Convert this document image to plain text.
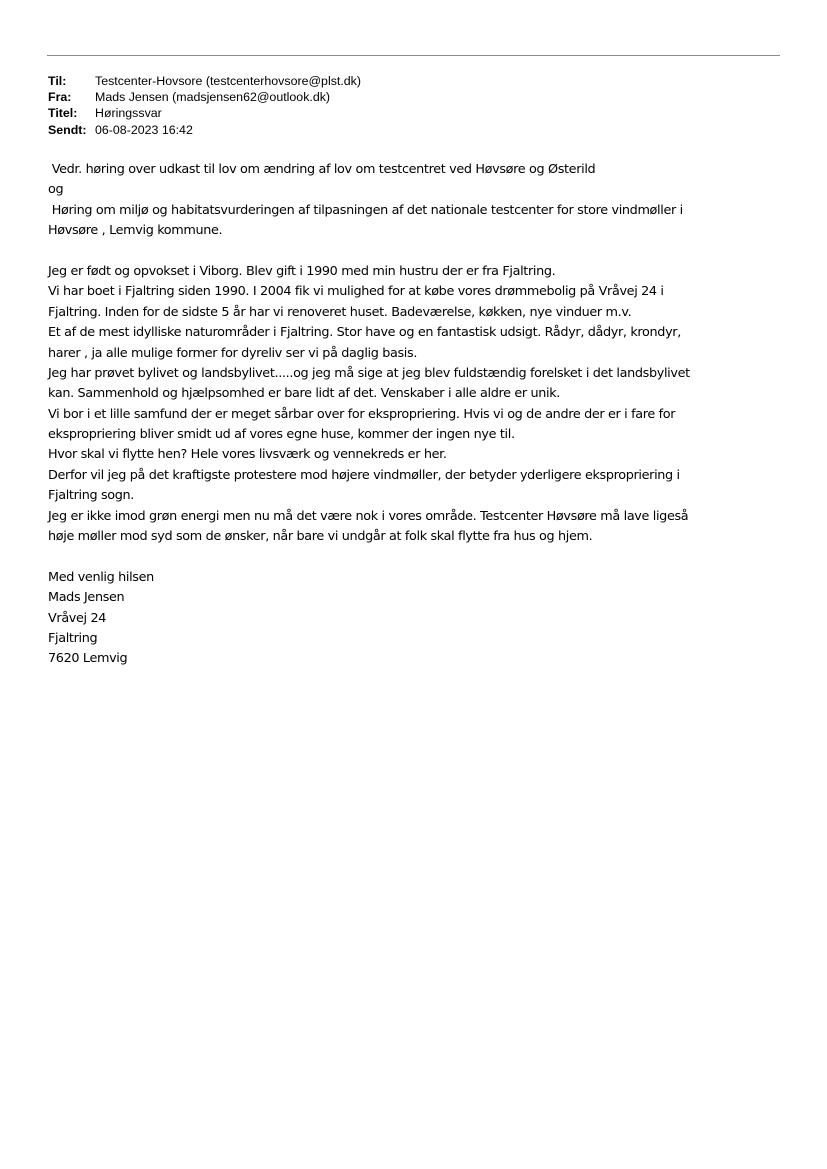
Til:	Testcenter-Hovsore (testcenterhovsore@plst.dk)
Fra:	Mads Jensen (madsjensen62@outlook.dk)
Titel:	Høringssvar
Sendt: 06-08-2023 16:42
Vedr. høring over udkast til lov om ændring af lov om testcentret ved Høvsøre og Østerild
og
Høring om miljø og habitatsvurderingen af tilpasningen af det nationale testcenter for store vindmøller i
Høvsøre , Lemvig kommune.
Jeg er født og opvokset i Viborg. Blev gift i 1990 med min hustru der er fra Fjaltring.
Vi har boet i Fjaltring siden 1990. I 2004 fik vi mulighed for at købe vores drømmebolig på Vråvej 24 i
Fjaltring. Inden for de sidste 5 år har vi renoveret huset. Badeværelse, køkken, nye vinduer m.v.
Et af de mest idylliske naturområder i Fjaltring. Stor have og en fantastisk udsigt. Rådyr, dådyr, krondyr,
harer , ja alle mulige former for dyreliv ser vi på daglig basis.
Jeg har prøvet bylivet og landsbylivet.....og jeg må sige at jeg blev fuldstændig forelsket i det landsbylivet
kan. Sammenhold og hjælpsomhed er bare lidt af det. Venskaber i alle aldre er unik.
Vi bor i et lille samfund der er meget sårbar over for ekspropriering. Hvis vi og de andre der er i fare for
ekspropriering bliver smidt ud af vores egne huse, kommer der ingen nye til.
Hvor skal vi flytte hen? Hele vores livsværk og vennekreds er her.
Derfor vil jeg på det kraftigste protestere mod højere vindmøller, der betyder yderligere ekspropriering i
Fjaltring sogn.
Jeg er ikke imod grøn energi men nu må det være nok i vores område. Testcenter Høvsøre må lave ligeså
høje møller mod syd som de ønsker, når bare vi undgår at folk skal flytte fra hus og hjem.
Med venlig hilsen
Mads Jensen
Vråvej 24
Fjaltring
7620 Lemvig
